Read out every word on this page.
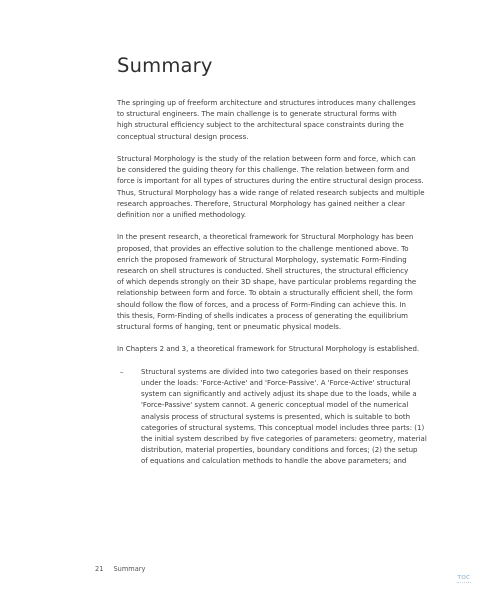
Summary
The springing up of freeform architecture and structures introduces many challenges
to structural engineers. The main challenge is to generate structural forms with
high structural efficiency subject to the architectural space constraints during the
conceptual structural design process.
Structural Morphology is the study of the relation between form and force, which can
be considered the guiding theory for this challenge. The relation between form and
force is important for all types of structures during the entire structural design process.
Thus, Structural Morphology has a wide range of related research subjects and multiple
research approaches. Therefore, Structural Morphology has gained neither a clear
definition nor a unified methodology.
In the present research, a theoretical framework for Structural Morphology has been
proposed, that provides an effective solution to the challenge mentioned above. To
enrich the proposed framework of Structural Morphology, systematic Form-Finding
research on shell structures is conducted. Shell structures, the structural efficiency
of which depends strongly on their 3D shape, have particular problems regarding the
relationship between form and force. To obtain a structurally efficient shell, the form
should follow the flow of forces, and a process of Form-Finding can achieve this. In
this thesis, Form-Finding of shells indicates a process of generating the equilibrium
structural forms of hanging, tent or pneumatic physical models.
In Chapters 2 and 3, a theoretical framework for Structural Morphology is established.
–	Structural systems are divided into two categories based on their responses
under the loads: 'Force-Active' and 'Force-Passive'. A 'Force-Active' structural
system can significantly and actively adjust its shape due to the loads, while a
'Force-Passive' system cannot. A generic conceptual model of the numerical
analysis process of structural systems is presented, which is suitable to both
categories of structural systems. This conceptual model includes three parts: (1)
the initial system described by five categories of parameters: geometry, material
distribution, material properties, boundary conditions and forces; (2) the setup
of equations and calculation methods to handle the above parameters; and
21 Summary
TOC
